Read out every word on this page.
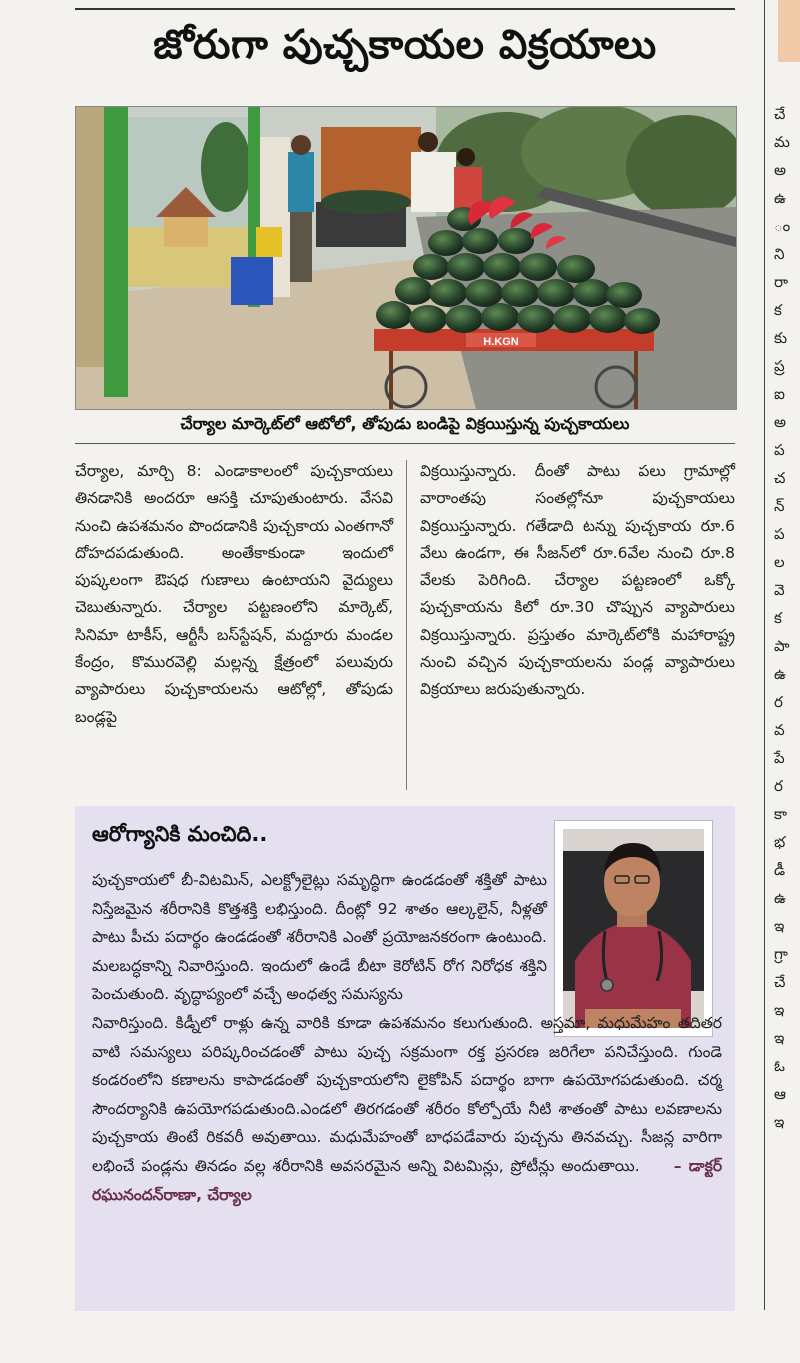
జోరుగా పుచ్చకాయల విక్రయాలు
H.KGN
చేర్యాల మార్కెట్‌లో ఆటోలో, తోపుడు బండిపై విక్రయిస్తున్న పుచ్చకాయలు
చేర్యాల, మార్చి 8: ఎండాకాలంలో పుచ్చకాయలు తినడానికి అందరూ ఆసక్తి చూపుతుంటారు. వేసవి నుంచి ఉపశమనం పొందడానికి పుచ్చకాయ ఎంతగానో దోహదపడుతుంది. అంతేకాకుండా ఇందులో పుష్కలంగా ఔషధ గుణాలు ఉంటాయని వైద్యులు చెబుతున్నారు. చేర్యాల పట్టణంలోని మార్కెట్, సినిమా టాకీస్, ఆర్టీసీ బస్‌స్టేషన్, మద్దూరు మండల కేంద్రం, కొమురవెల్లి మల్లన్న క్షేత్రంలో పలువురు వ్యాపారులు పుచ్చకాయలను ఆటోల్లో, తోపుడు బండ్లపై
విక్రయిస్తున్నారు. దీంతో పాటు పలు గ్రామాల్లో వారాంతపు సంతల్లోనూ పుచ్చకాయలు విక్రయిస్తున్నారు. గతేడాది టన్ను పుచ్చకాయ రూ.6 వేలు ఉండగా, ఈ సీజన్‌లో రూ.6వేల నుంచి రూ.8 వేలకు పెరిగింది. చేర్యాల పట్టణంలో ఒక్కో పుచ్చకాయను కిలో రూ.30 చొప్పున వ్యాపారులు విక్రయిస్తున్నారు. ప్రస్తుతం మార్కెట్‌లోకి మహారాష్ట్ర నుంచి వచ్చిన పుచ్చకాయలను పండ్ల వ్యాపారులు విక్రయాలు జరుపుతున్నారు.
ఆరోగ్యానికి మంచిది..

పుచ్చకాయలో బీ-విటమిన్, ఎలక్ట్రోలైట్లు సమృద్ధిగా ఉండడంతో శక్తితో పాటు నిస్తేజమైన శరీరానికి కొత్తశక్తి లభిస్తుంది. దీంట్లో 92 శాతం ఆల్కలైన్, నీళ్లతో పాటు పీచు పదార్థం ఉండడంతో శరీరానికి ఎంతో ప్రయోజనకరంగా ఉంటుంది. మలబద్ధకాన్ని నివారిస్తుంది. ఇందులో ఉండే బీటా కెరోటిన్ రోగ నిరోధక శక్తిని పెంచుతుంది. వృద్ధాప్యంలో వచ్చే అంధత్వ సమస్యను

నివారిస్తుంది. కిడ్నీలో రాళ్లు ఉన్న వారికి కూడా ఉపశమనం కలుగుతుంది. అస్తమా, మధుమేహం తదితర వాటి సమస్యలు పరిష్కరించడంతో పాటు పుచ్చ సక్రమంగా రక్త ప్రసరణ జరిగేలా పనిచేస్తుంది. గుండె కండరంలోని కణాలను కాపాడడంతో పుచ్చకాయలోని లైకోపిన్ పదార్థం బాగా ఉపయోగపడుతుంది. చర్మ సౌందర్యానికి ఉపయోగపడుతుంది.ఎండలో తిరగడంతో శరీరం కోల్పోయే నీటి శాతంతో పాటు లవణాలను పుచ్చకాయ తింటే రికవరీ అవుతాయి. మధుమేహంతో బాధపడేవారు పుచ్చను తినవచ్చు. సీజన్ల వారిగా లభించే పండ్లను తినడం వల్ల శరీరానికి అవసరమైన అన్ని విటమిన్లు, ప్రోటీన్లు అందుతాయి. – డాక్టర్ రఘునందన్‌రాణా, చేర్యాల

చే
మ
అ
ఉ
ం
ని
రా
క
కు
ప్ర
ఐ
అ
ప
చ
న్
ప
ల
వె
క
పా
ఉ
ర
వ
పే
ర
కా
భ
డీ
ఉ
ఇ
గ్రా
చే
ఇ
ఇ
ఓ
ఆ
ఇ
